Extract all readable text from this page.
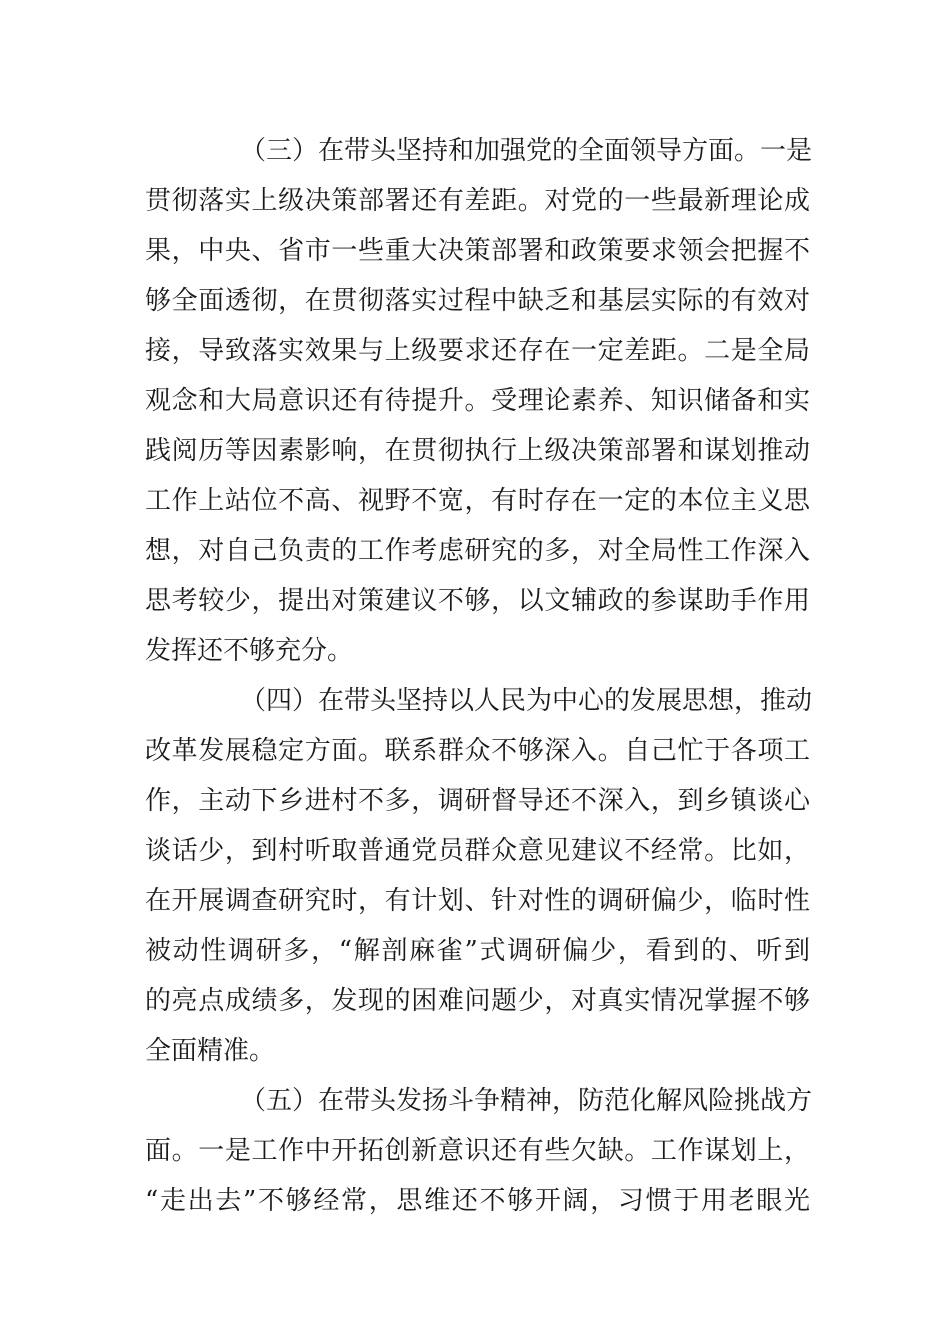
（三）在带头坚持和加强党的全面领导方面。一是
贯彻落实上级决策部署还有差距。对党的一些最新理论成
果，中央、省市一些重大决策部署和政策要求领会把握不
够全面透彻，在贯彻落实过程中缺乏和基层实际的有效对
接，导致落实效果与上级要求还存在一定差距。二是全局
观念和大局意识还有待提升。受理论素养、知识储备和实
践阅历等因素影响，在贯彻执行上级决策部署和谋划推动
工作上站位不高、视野不宽，有时存在一定的本位主义思
想，对自己负责的工作考虑研究的多，对全局性工作深入
思考较少，提出对策建议不够，以文辅政的参谋助手作用
发挥还不够充分。
（四）在带头坚持以人民为中心的发展思想，推动
改革发展稳定方面。联系群众不够深入。自己忙于各项工
作，主动下乡进村不多，调研督导还不深入，到乡镇谈心
谈话少，到村听取普通党员群众意见建议不经常。比如，
在开展调查研究时，有计划、针对性的调研偏少，临时性
被动性调研多，“解剖麻雀”式调研偏少，看到的、听到
的亮点成绩多，发现的困难问题少，对真实情况掌握不够
全面精准。
（五）在带头发扬斗争精神，防范化解风险挑战方
面。一是工作中开拓创新意识还有些欠缺。工作谋划上，
“走出去”不够经常，思维还不够开阔，习惯于用老眼光
